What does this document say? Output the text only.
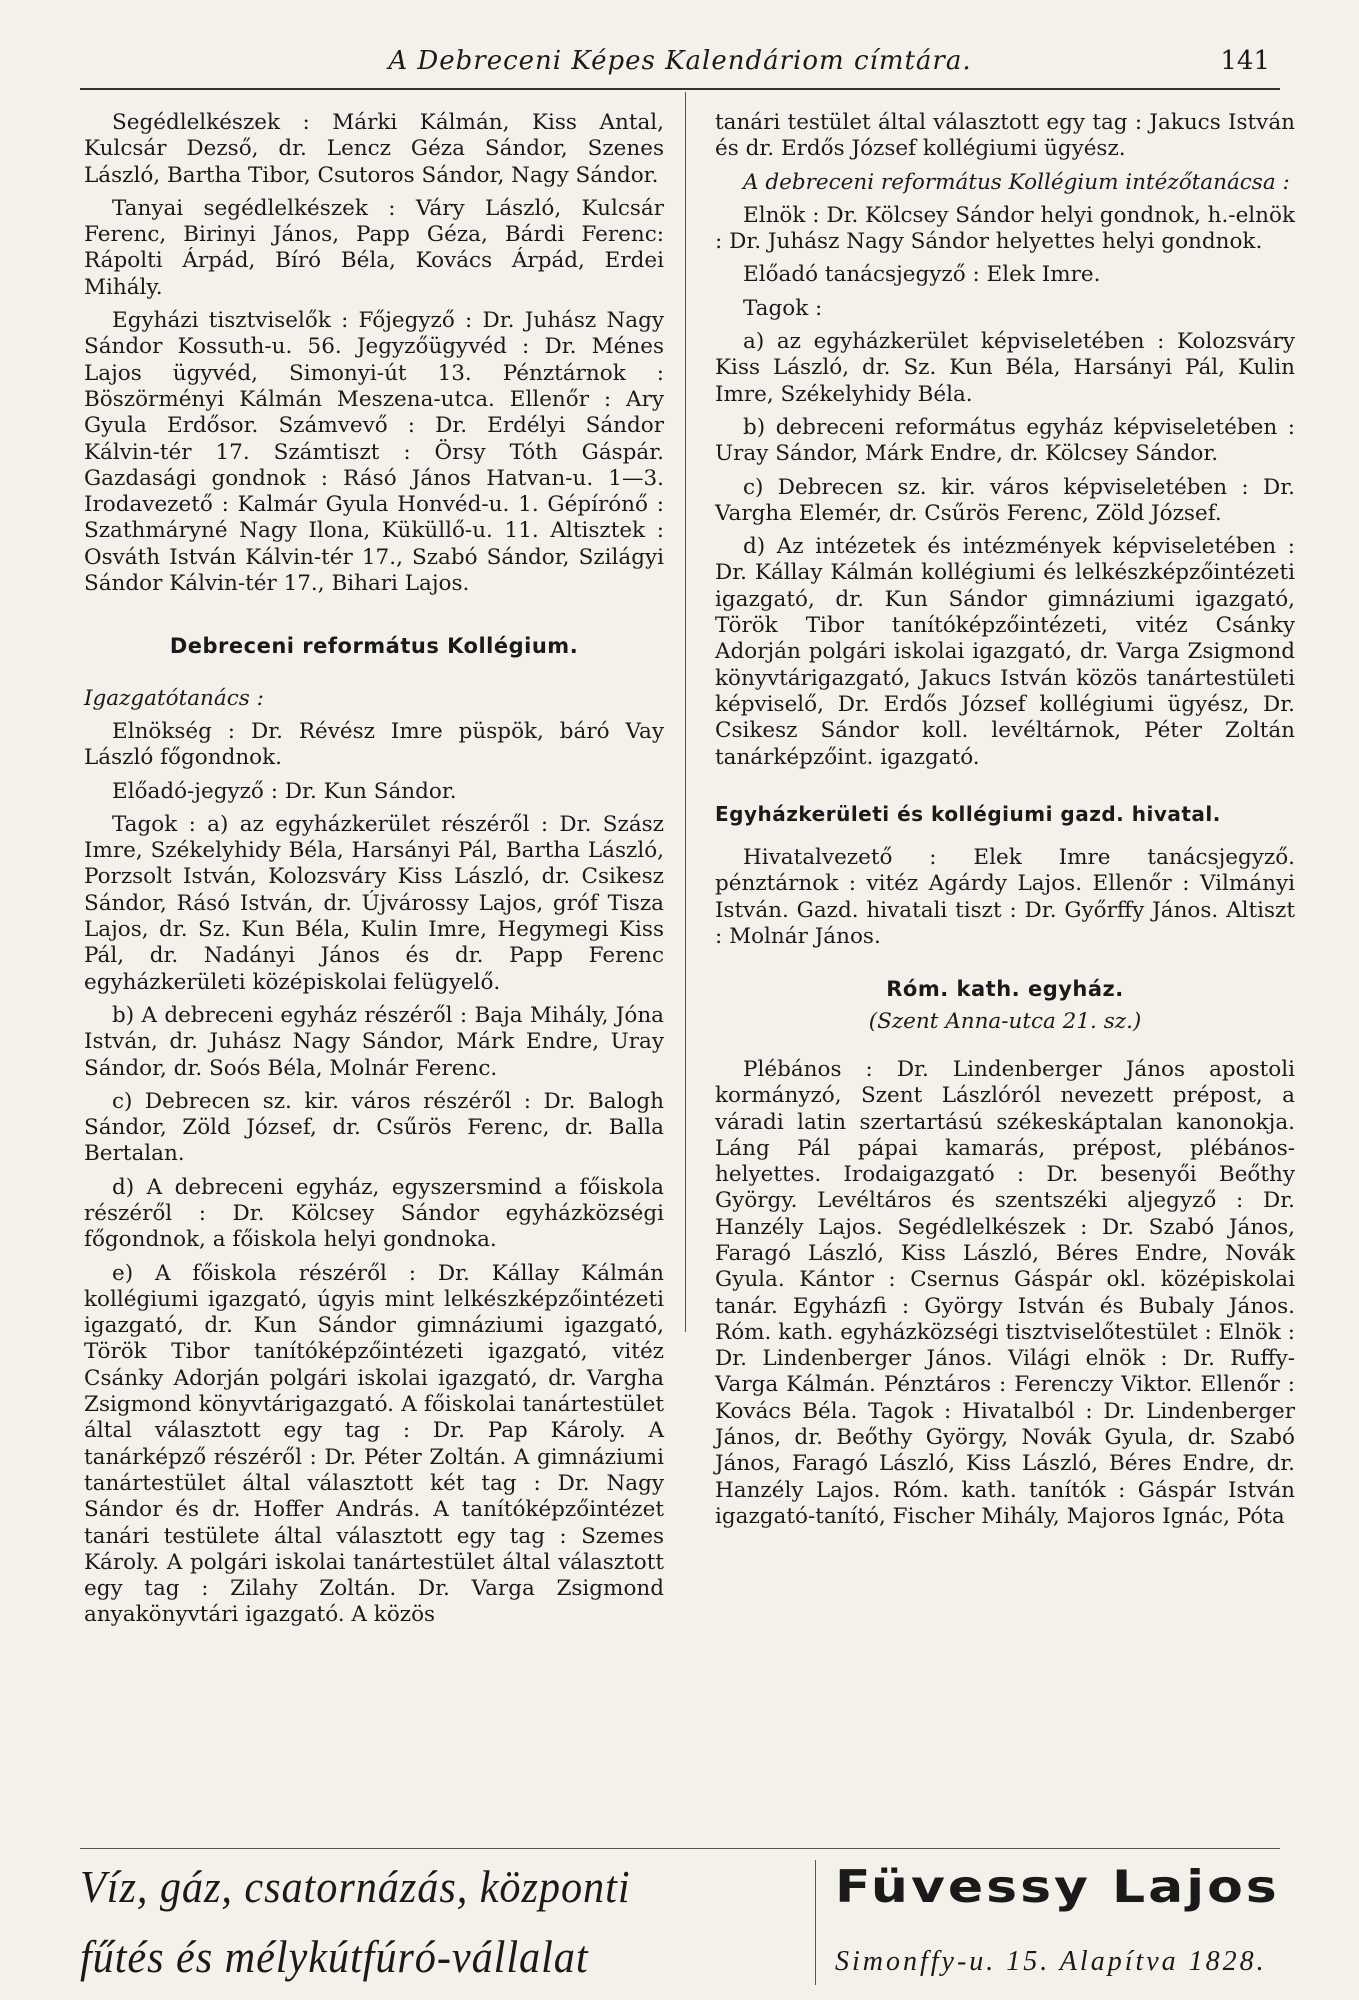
A Debreceni Képes Kalendáriom címtára.	141

Segédlelkészek : Márki Kálmán, Kiss Antal, Kulcsár Dezső, dr. Lencz Géza Sándor, Szenes László, Bartha Tibor, Csutoros Sándor, Nagy Sándor.

Tanyai segédlelkészek : Váry László, Kulcsár Ferenc, Birinyi János, Papp Géza, Bárdi Ferenc: Rápolti Árpád, Bíró Béla, Kovács Árpád, Erdei Mihály.

Egyházi tisztviselők : Főjegyző : Dr. Juhász Nagy Sándor Kossuth-u. 56. Jegyzőügyvéd : Dr. Ménes Lajos ügyvéd, Simonyi-út 13. Pénztárnok : Böszörményi Kálmán Meszena-utca. Ellenőr : Ary Gyula Erdősor. Számvevő : Dr. Erdélyi Sándor Kálvin-tér 17. Számtiszt : Örsy Tóth Gáspár. Gazdasági gondnok : Rásó János Hatvan-u. 1—3. Irodavezető : Kalmár Gyula Honvéd-u. 1. Gépírónő : Szathmáryné Nagy Ilona, Küküllő-u. 11. Altisztek : Osváth István Kálvin-tér 17., Szabó Sándor, Szilágyi Sándor Kálvin-tér 17., Bihari Lajos.

Debreceni református Kollégium.

Igazgatótanács :

Elnökség : Dr. Révész Imre püspök, báró Vay László főgondnok.

Előadó-jegyző : Dr. Kun Sándor.

Tagok : a) az egyházkerület részéről : Dr. Szász Imre, Székelyhidy Béla, Harsányi Pál, Bartha László, Porzsolt István, Kolozsváry Kiss László, dr. Csikesz Sándor, Rásó István, dr. Újvárossy Lajos, gróf Tisza Lajos, dr. Sz. Kun Béla, Kulin Imre, Hegymegi Kiss Pál, dr. Nadányi János és dr. Papp Ferenc egyházkerületi középiskolai felügyelő.

b) A debreceni egyház részéről : Baja Mihály, Jóna István, dr. Juhász Nagy Sándor, Márk Endre, Uray Sándor, dr. Soós Béla, Molnár Ferenc.

c) Debrecen sz. kir. város részéről : Dr. Balogh Sándor, Zöld József, dr. Csűrös Ferenc, dr. Balla Bertalan.

d) A debreceni egyház, egyszersmind a főiskola részéről : Dr. Kölcsey Sándor egyházközségi főgondnok, a főiskola helyi gondnoka.

e) A főiskola részéről : Dr. Kállay Kálmán kollégiumi igazgató, úgyis mint lelkészképzőintézeti igazgató, dr. Kun Sándor gimnáziumi igazgató, Török Tibor tanítóképzőintézeti igazgató, vitéz Csánky Adorján polgári iskolai igazgató, dr. Vargha Zsigmond könyvtárigazgató. A főiskolai tanártestület által választott egy tag : Dr. Pap Károly. A tanárképző részéről : Dr. Péter Zoltán. A gimnáziumi tanártestület által választott két tag : Dr. Nagy Sándor és dr. Hoffer András. A tanítóképzőintézet tanári testülete által választott egy tag : Szemes Károly. A polgári iskolai tanártestület által választott egy tag : Zilahy Zoltán. Dr. Varga Zsigmond anyakönyvtári igazgató. A közös

tanári testület által választott egy tag : Jakucs István és dr. Erdős József kollégiumi ügyész.

A debreceni református Kollégium intézőtanácsa :

Elnök : Dr. Kölcsey Sándor helyi gondnok, h.-elnök : Dr. Juhász Nagy Sándor helyettes helyi gondnok.

Előadó tanácsjegyző : Elek Imre.

Tagok :

a) az egyházkerület képviseletében : Kolozsváry Kiss László, dr. Sz. Kun Béla, Harsányi Pál, Kulin Imre, Székelyhidy Béla.

b) debreceni református egyház képviseletében : Uray Sándor, Márk Endre, dr. Kölcsey Sándor.

c) Debrecen sz. kir. város képviseletében : Dr. Vargha Elemér, dr. Csűrös Ferenc, Zöld József.

d) Az intézetek és intézmények képviseletében : Dr. Kállay Kálmán kollégiumi és lelkészképzőintézeti igazgató, dr. Kun Sándor gimnáziumi igazgató, Török Tibor tanítóképzőintézeti, vitéz Csánky Adorján polgári iskolai igazgató, dr. Varga Zsigmond könyvtárigazgató, Jakucs István közös tanártestületi képviselő, Dr. Erdős József kollégiumi ügyész, Dr. Csikesz Sándor koll. levéltárnok, Péter Zoltán tanárképzőint. igazgató.

Egyházkerületi és kollégiumi gazd. hivatal.

Hivatalvezető : Elek Imre tanácsjegyző. pénztárnok : vitéz Agárdy Lajos. Ellenőr : Vilmányi István. Gazd. hivatali tiszt : Dr. Győrffy János. Altiszt : Molnár János.

Róm. kath. egyház.

(Szent Anna-utca 21. sz.)

Plébános : Dr. Lindenberger János apostoli kormányzó, Szent Lászlóról nevezett prépost, a váradi latin szertartású székeskáptalan kanonokja. Láng Pál pápai kamarás, prépost, plébános-helyettes. Irodaigazgató : Dr. besenyői Beőthy György. Levéltáros és szentszéki aljegyző : Dr. Hanzély Lajos. Segédlelkészek : Dr. Szabó János, Faragó László, Kiss László, Béres Endre, Novák Gyula. Kántor : Csernus Gáspár okl. középiskolai tanár. Egyházfi : György István és Bubaly János. Róm. kath. egyházközségi tisztviselőtestület : Elnök : Dr. Lindenberger János. Világi elnök : Dr. Ruffy-Varga Kálmán. Pénztáros : Ferenczy Viktor. Ellenőr : Kovács Béla. Tagok : Hivatalból : Dr. Lindenberger János, dr. Beőthy György, Novák Gyula, dr. Szabó János, Faragó László, Kiss László, Béres Endre, dr. Hanzély Lajos. Róm. kath. tanítók : Gáspár István igazgató-tanító, Fischer Mihály, Majoros Ignác, Póta

Víz, gáz, csatornázás, központi
fűtés és mélykútfúró-vállalat
Füvessy Lajos
Simonffy-u. 15. Alapítva 1828.
